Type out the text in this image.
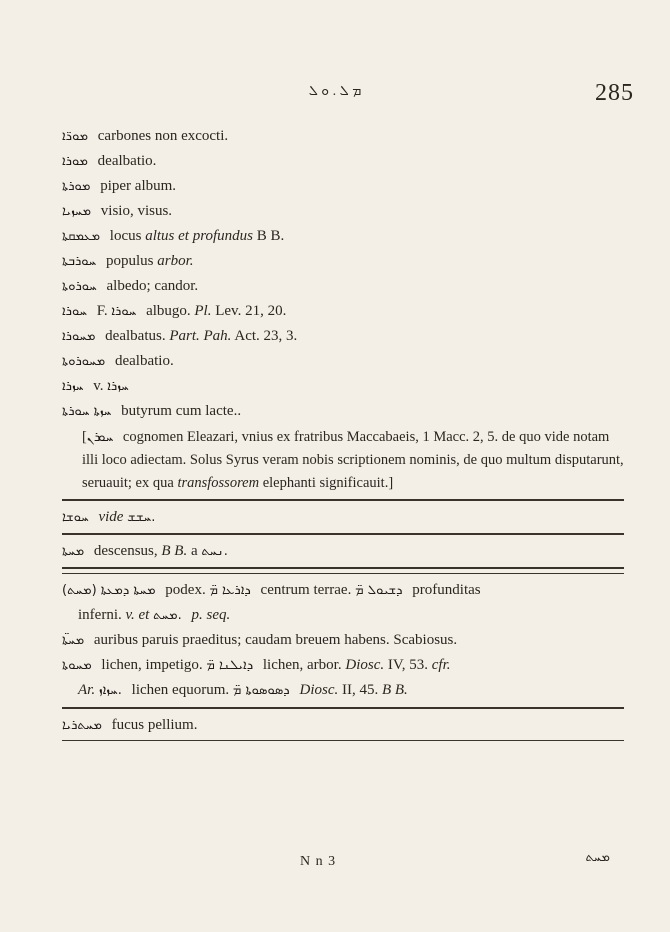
ܡ ܠ . ܘ ܠ	285
ܡܘܪ̈ܐ carbones non excocti.
ܡܘܪܐ dealbatio.
ܡܘܪܬܐ piper album.
ܡܚܙܝܐ visio, visus.
ܡܥܡܩܬܐ locus altus et profundus B B.
ܚܘܪܒܬܐ populus arbor.
ܚܘܪܘܬܐ albedo; candor.
ܚܘܪܐ F. ܚܘܪܐ albugo. Pl. Lev. 21, 20.
ܡܚܘܪܐ dealbatus. Part. Pah. Act. 23, 3.
ܡܚܘܪܘܬܐ dealbatio.
ܚܙܪܐ v. ܚܙܪܐ
ܚܙܬܐ ܚܘܪܬܐ butyrum cum lacte..
[ܚܘܪܢ cognomen Eleazari, vnius ex fratribus Maccabaeis, 1 Macc. 2, 5. de quo vide notam illi loco adiectam. Solus Syrus veram nobis scriptionem nominis, de quo multum disputarunt, seruauit; ex qua transfossorem elephanti significauit.]
ܚܘܫܐ vide ܚܫܫ.
ܡܚܬܐ descensus, B B. a ܢܚܬ.
(ܡܚܬ) ܡܚܬܐ ܕܡܥܬܐ podex. ܕܐܪܥܐ ܡ̈ centrum terrae. ܕܫܝܘܠ ܡ̈ profunditas
inferni. v. et ܡܚܬ. p. seq.
ܡܚܬ̈ܐ auribus paruis praeditus; caudam breuem habens. Scabiosus.
ܡܚܘܬܐ lichen, impetigo. ܕܐܝܠܢܐ ܡ̈ lichen, arbor. Diosc. IV, 53. cfr.
Ar. ܚܙܐܙ. lichen equorum. ܕܣܘܣܘܬܐ ܡ̈ Diosc. II, 45. B B.
ܡܚܬܪܝܐ fucus pellium.
N n 3	ܡܚܬ
